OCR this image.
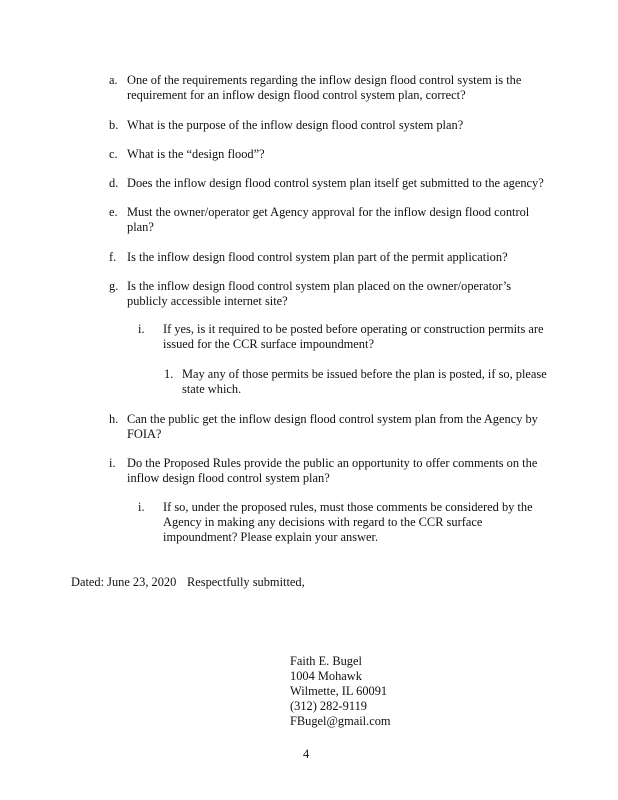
a. One of the requirements regarding the inflow design flood control system is the requirement for an inflow design flood control system plan, correct?
b. What is the purpose of the inflow design flood control system plan?
c. What is the “design flood”?
d. Does the inflow design flood control system plan itself get submitted to the agency?
e. Must the owner/operator get Agency approval for the inflow design flood control plan?
f. Is the inflow design flood control system plan part of the permit application?
g. Is the inflow design flood control system plan placed on the owner/operator’s publicly accessible internet site?
i. If yes, is it required to be posted before operating or construction permits are issued for the CCR surface impoundment?
1. May any of those permits be issued before the plan is posted, if so, please state which.
h. Can the public get the inflow design flood control system plan from the Agency by FOIA?
i. Do the Proposed Rules provide the public an opportunity to offer comments on the inflow design flood control system plan?
i. If so, under the proposed rules, must those comments be considered by the Agency in making any decisions with regard to the CCR surface impoundment? Please explain your answer.
Dated: June 23, 2020 Respectfully submitted,
Faith E. Bugel
1004 Mohawk
Wilmette, IL 60091
(312) 282-9119
FBugel@gmail.com
4
